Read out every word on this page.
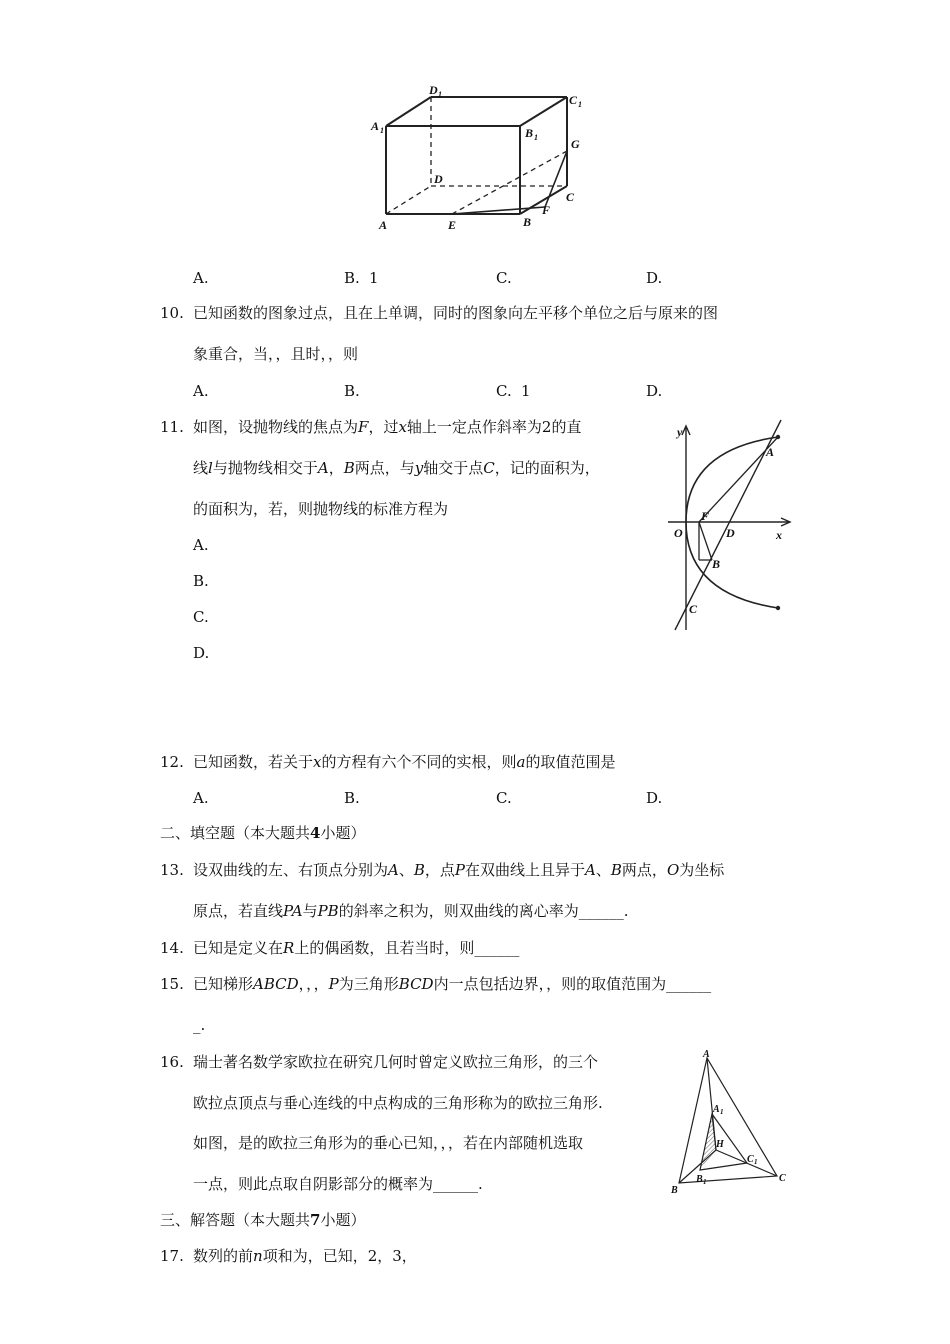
D 1	C 1
A 1	B 1	G
D
C
F
A	E	B
A.	B. 1	C.	D.
10. 已知函数的图象过点，且在上单调，同时的图象向左平移个单位之后与原来的图
象重合，当，，且时，，则
A.	B.	C. 1	D.
11. 如图，设抛物线的焦点为F，过x轴上一定点作斜率为2的直
线l与抛物线相交于A，B两点，与y轴交于点C，记的面积为，
的面积为，若，则抛物线的标准方程为
A.
B.
C.
D.
y
x
O
F
D
A
B
C
12. 已知函数，若关于x的方程有六个不同的实根，则a的取值范围是
A.	B.	C.	D.
二、填空题（本大题共4小题）
13. 设双曲线的左、右顶点分别为A、B，点P在双曲线上且异于A、B两点，O为坐标
原点，若直线PA与PB的斜率之积为，则双曲线的离心率为______.
14. 已知是定义在R上的偶函数，且若当时，则______
15. 已知梯形ABCD，，，P为三角形BCD内一点包括边界，，则的取值范围为______
_.
16. 瑞士著名数学家欧拉在研究几何时曾定义欧拉三角形，的三个
欧拉点顶点与垂心连线的中点构成的三角形称为的欧拉三角形.
如图，是的欧拉三角形为的垂心已知，，，若在内部随机选取
一点，则此点取自阴影部分的概率为______.
A
B
C
A 1
B 1
C 1
H
三、解答题（本大题共7小题）
17. 数列的前n项和为，已知，2，3，
